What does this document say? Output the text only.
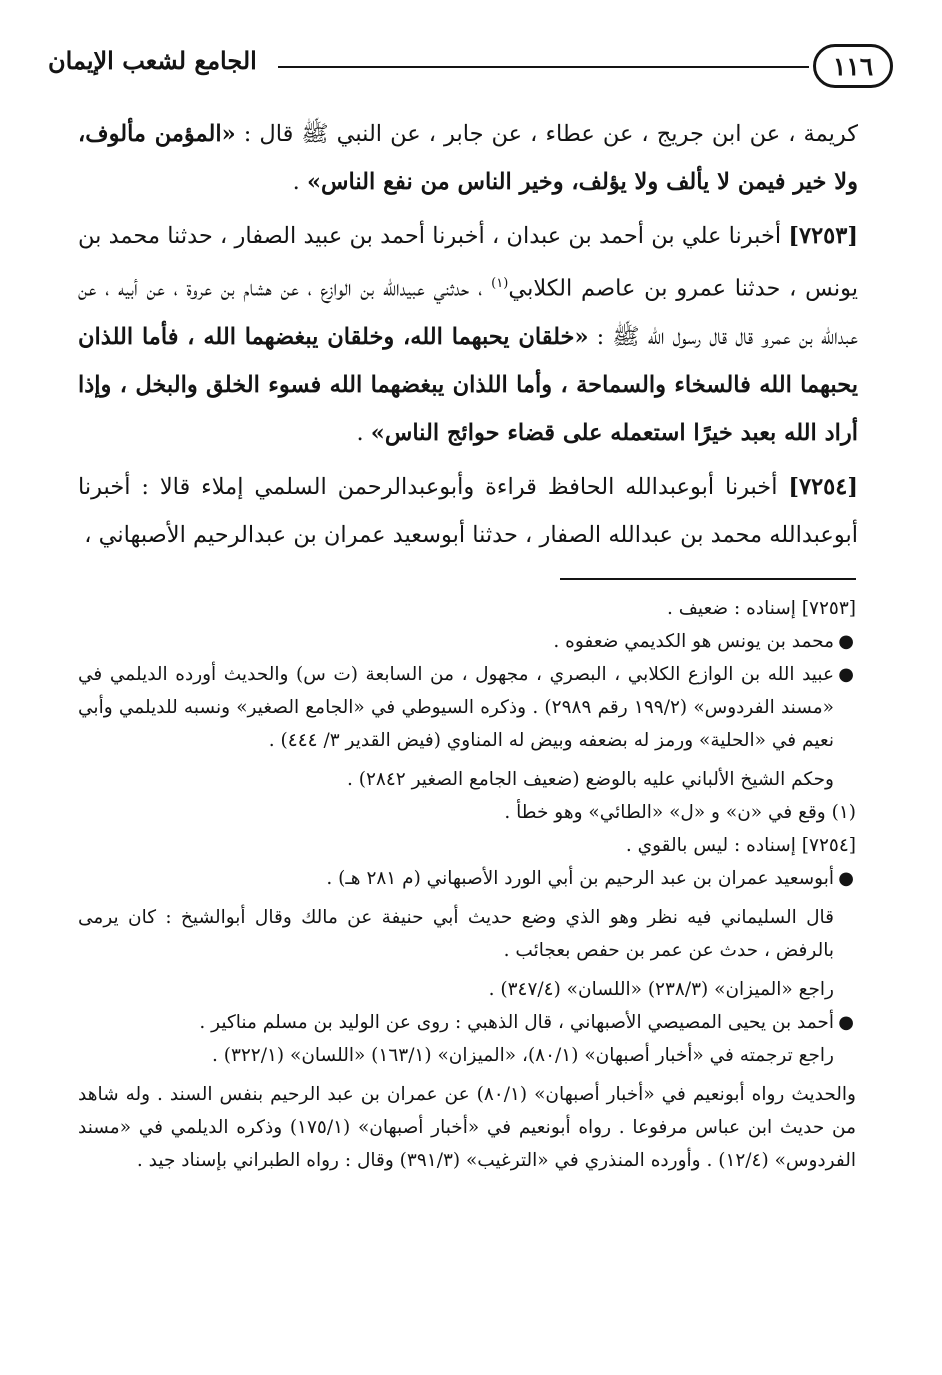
١١٦
الجامع لشعب الإيمان

كريمة ، عن ابن جريج ، عن عطاء ، عن جابر ، عن النبي ﷺ قال : «المؤمن مألوف، ولا خير فيمن لا يألف ولا يؤلف، وخير الناس من نفع الناس» .

[٧٢٥٣] أخبرنا علي بن أحمد بن عبدان ، أخبرنا أحمد بن عبيد الصفار ، حدثنا محمد بن يونس ، حدثنا عمرو بن عاصم الكلابي$^{(١)}$ ، حدثني عبيدالله بن الوازع ، عن هشام بن عروة ، عن أبيه ، عن عبدالله بن عمرو قال قال رسول الله ﷺ : «خلقان يحبهما الله، وخلقان يبغضهما الله ، فأما اللذان يحبهما الله فالسخاء والسماحة ، وأما اللذان يبغضهما الله فسوء الخلق والبخل ، وإذا أراد الله بعبد خيرًا استعمله على قضاء حوائج الناس» .

[٧٢٥٤] أخبرنا أبوعبدالله الحافظ قراءة وأبوعبدالرحمن السلمي إملاء قالا : أخبرنا أبوعبدالله محمد بن عبدالله الصفار ، حدثنا أبوسعيد عمران بن عبدالرحيم الأصبهاني ،

[٧٢٥٣] إسناده : ضعيف .

●
محمد بن يونس هو الكديمي ضعفوه .

●
عبيد الله بن الوازع الكلابي ، البصري ، مجهول ، من السابعة (ت س) والحديث أورده الديلمي في «مسند الفردوس» (١٩٩/٢ رقم ٢٩٨٩) . وذكره السيوطي في «الجامع الصغير» ونسبه للديلمي وأبي نعيم في «الحلية» ورمز له بضعفه وبيض له المناوي (فيض القدير ٣/ ٤٤٤) .

وحكم الشيخ الألباني عليه بالوضع (ضعيف الجامع الصغير ٢٨٤٢) .

(١) وقع في «ن» و «ل» «الطائي» وهو خطأ .

[٧٢٥٤] إسناده : ليس بالقوي .

●
أبوسعيد عمران بن عبد الرحيم بن أبي الورد الأصبهاني (م ٢٨١ هـ) .

قال السليماني فيه نظر وهو الذي وضع حديث أبي حنيفة عن مالك وقال أبوالشيخ : كان يرمى بالرفض ، حدث عن عمر بن حفص بعجائب .

راجع «الميزان» (٢٣٨/٣) «اللسان» (٣٤٧/٤) .

●
أحمد بن يحيى المصيصي الأصبهاني ، قال الذهبي : روى عن الوليد بن مسلم مناكير .

راجع ترجمته في «أخبار أصبهان» (٨٠/١)، «الميزان» (١٦٣/١) «اللسان» (٣٢٢/١) .

والحديث رواه أبونعيم في «أخبار أصبهان» (٨٠/١) عن عمران بن عبد الرحيم بنفس السند . وله شاهد من حديث ابن عباس مرفوعا . رواه أبونعيم في «أخبار أصبهان» (١٧٥/١) وذكره الديلمي في «مسند الفردوس» (١٢/٤) . وأورده المنذري في «الترغيب» (٣٩١/٣) وقال : رواه الطبراني بإسناد جيد .
